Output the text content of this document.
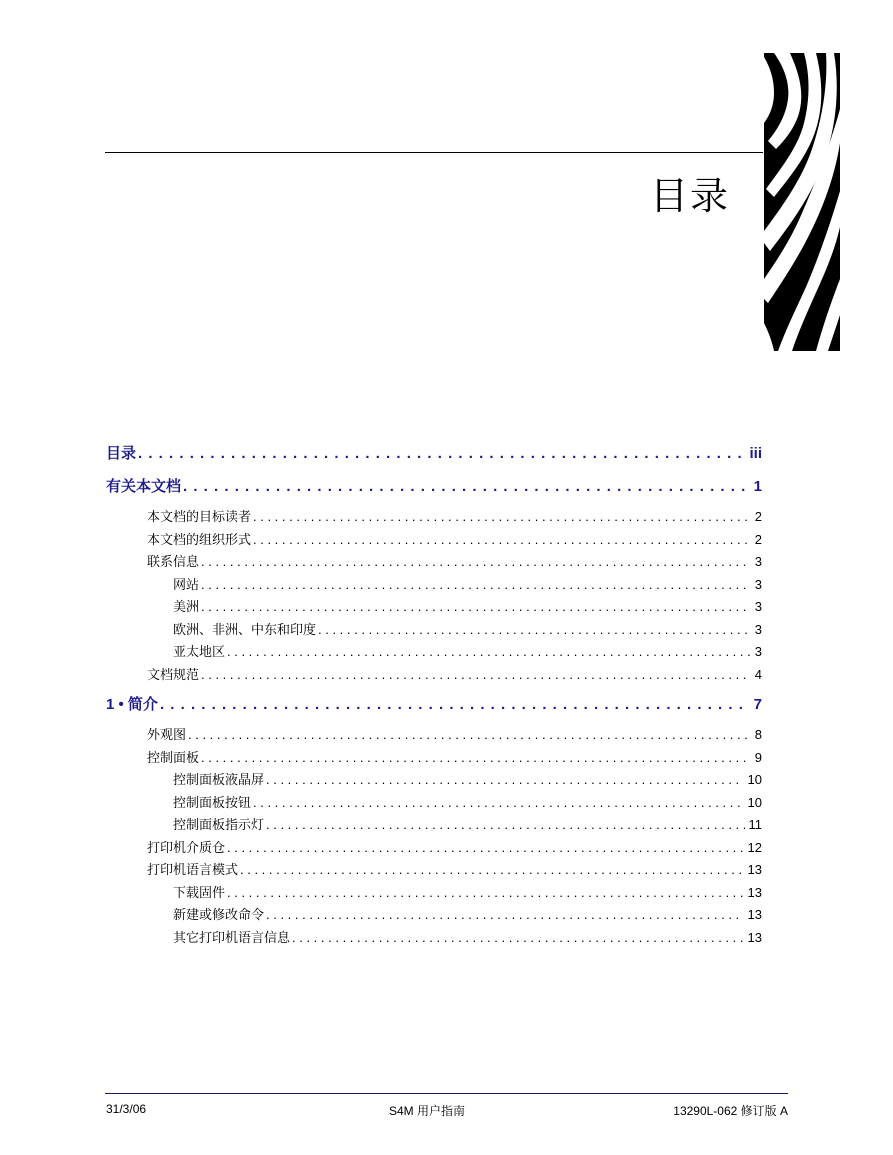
目录
目录 . . .	iii
有关本文档 . . .	1
本文档的目标读者 . . .	2
本文档的组织形式 . . .	2
联系信息 . . .	3
网站 . . .	3
美洲 . . .	3
欧洲、非洲、中东和印度 . . .	3
亚太地区 . . .	3
文档规范 . . .	4
1 • 简介 . . .	7
外观图 . . .	8
控制面板 . . .	9
控制面板液晶屏 . . .	10
控制面板按钮 . . .	10
控制面板指示灯 . . .	11
打印机介质仓 . . .	12
打印机语言模式 . . .	13
下载固件 . . .	13
新建或修改命令 . . .	13
其它打印机语言信息 . . .	13
31/3/06	S4M 用户指南	13290L-062 修订版 A
